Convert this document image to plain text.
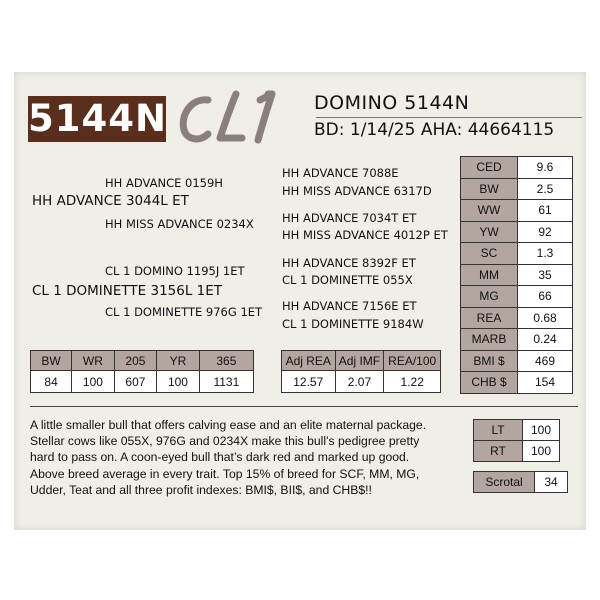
5144N	DOMINO 5144N
BD: 1/14/25 AHA: 44664115
HH ADVANCE 0159H
HH ADVANCE 3044L ET
HH MISS ADVANCE 0234X
HH ADVANCE 7088E
HH MISS ADVANCE 6317D
HH ADVANCE 7034T ET
HH MISS ADVANCE 4012P ET
CL 1 DOMINO 1195J 1ET
CL 1 DOMINETTE 3156L 1ET
CL 1 DOMINETTE 976G 1ET
HH ADVANCE 8392F ET
CL 1 DOMINETTE 055X
HH ADVANCE 7156E ET
CL 1 DOMINETTE 9184W
CED	9.6
BW	2.5
WW	61
YW	92
SC	1.3
MM	35
MG	66
REA	0.68
MARB	0.24
BMI $	469
CHB $	154
BW	WR	205	YR	365
84	100	607	100	1131
Adj REA	Adj IMF	REA/100
12.57	2.07	1.22
A little smaller bull that offers calving ease and an elite maternal package.
Stellar cows like 055X, 976G and 0234X make this bull’s pedigree pretty
hard to pass on. A coon-eyed bull that’s dark red and marked up good.
Above breed average in every trait. Top 15% of breed for SCF, MM, MG,
Udder, Teat and all three profit indexes: BMI$, BII$, and CHB$!!
LT	100
RT	100
Scrotal	34
